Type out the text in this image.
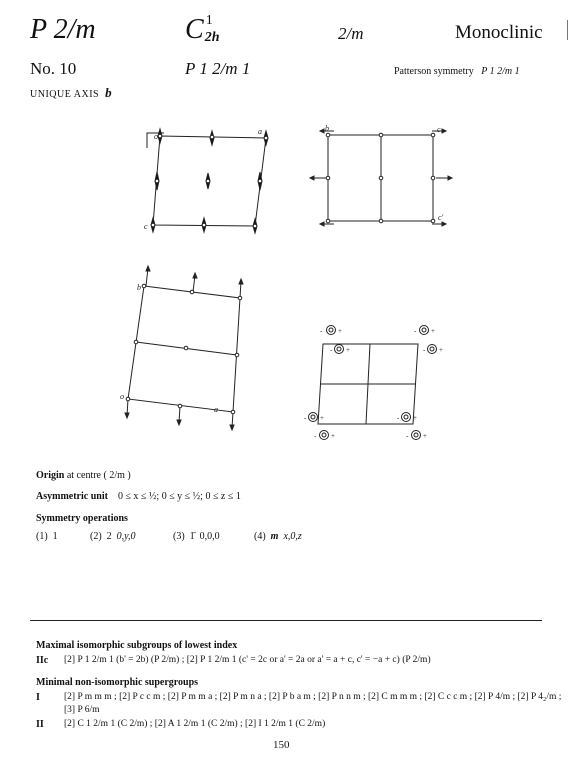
P 2/m	C 1
2h	2/m	Monoclinic
No. 10	P 1 2/m 1	Patterson symmetry P 1 2/m 1
UNIQUE AXIS b
o
a
c
b	c
c'
b
o
a
- +	- +
- +	- +
- +	- +
- +	- +
Origin at centre ( 2/m )
Asymmetric unit 0 ≤ x ≤ ½; 0 ≤ y ≤ ½; 0 ≤ z ≤ 1
Symmetry operations
(1) 1	(2) 2 0,y,0	(3) 1̄ 0,0,0	(4) m x,0,z
Maximal isomorphic subgroups of lowest index
IIc [2] P 1 2/m 1 (b' = 2b) (P 2/m) ; [2] P 1 2/m 1 (c' = 2c or a' = 2a or a' = a + c, c' = −a + c) (P 2/m)
Minimal non-isomorphic supergroups
I	[2] P m m m ; [2] P c c m ; [2] P m m a ; [2] P m n a ; [2] P b a m ; [2] P n n m ; [2] C m m m ; [2] C c c m ; [2] P 4/m ; [2] P 4₂/m ;
[3] P 6/m
II [2] C 1 2/m 1 (C 2/m) ; [2] A 1 2/m 1 (C 2/m) ; [2] I 1 2/m 1 (C 2/m)
150
